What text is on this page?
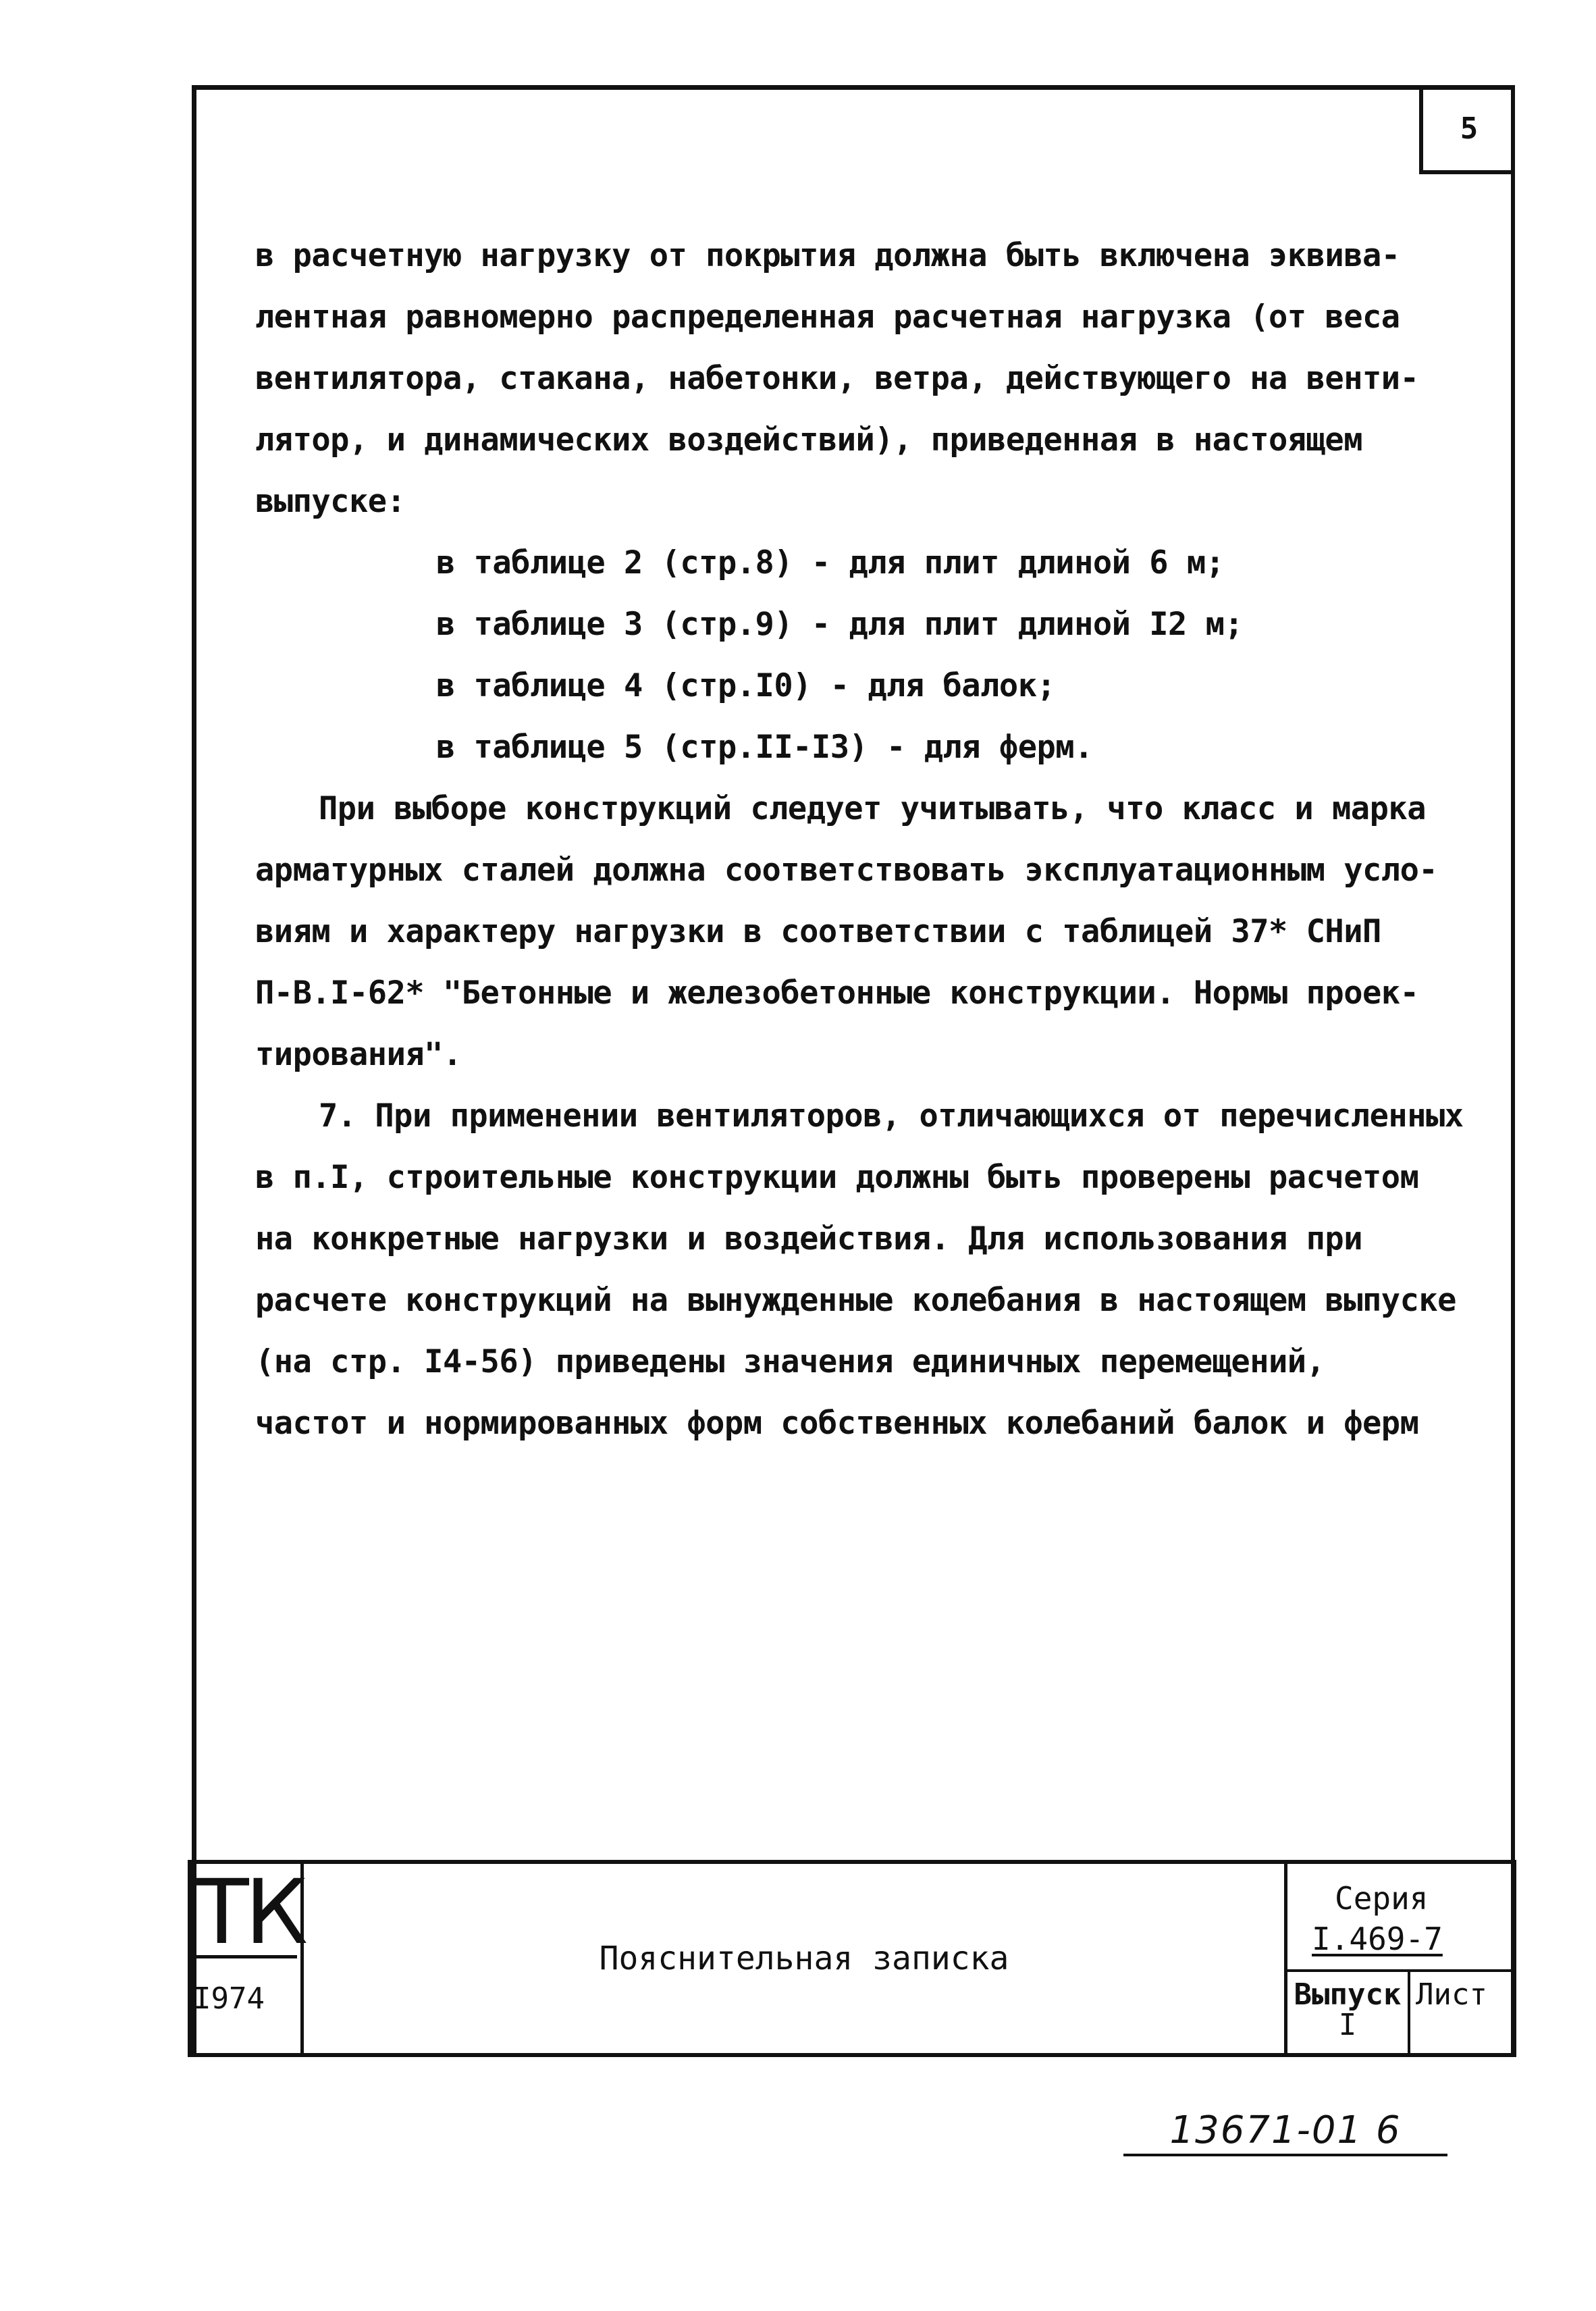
5
в расчетную нагрузку от покрытия должна быть включена эквива-
лентная равномерно распределенная расчетная нагрузка (от веса
вентилятора, стакана, набетонки, ветра, действующего на венти-
лятор, и динамических воздействий), приведенная в настоящем
выпуске:
в таблице 2 (стр.8) - для плит длиной 6 м;
в таблице 3 (стр.9) - для плит длиной I2 м;
в таблице 4 (стр.I0) - для балок;
в таблице 5 (стр.II-I3) - для ферм.
При выборе конструкций следует учитывать, что класс и марка
арматурных сталей должна соответствовать эксплуатационным усло-
виям и характеру нагрузки в соответствии с таблицей 37* СНиП
П-В.I-62* "Бетонные и железобетонные конструкции. Нормы проек-
тирования".
7. При применении вентиляторов, отличающихся от перечисленных
в п.I, строительные конструкции должны быть проверены расчетом
на конкретные нагрузки и воздействия. Для использования при
расчете конструкций на вынужденные колебания в настоящем выпуске
(на стр. I4-56) приведены значения единичных перемещений,
частот и нормированных форм собственных колебаний балок и ферм
ТК
I974
Пояснительная записка
Серия
I.469-7
Выпуск
I
Лист
13671-01 6
